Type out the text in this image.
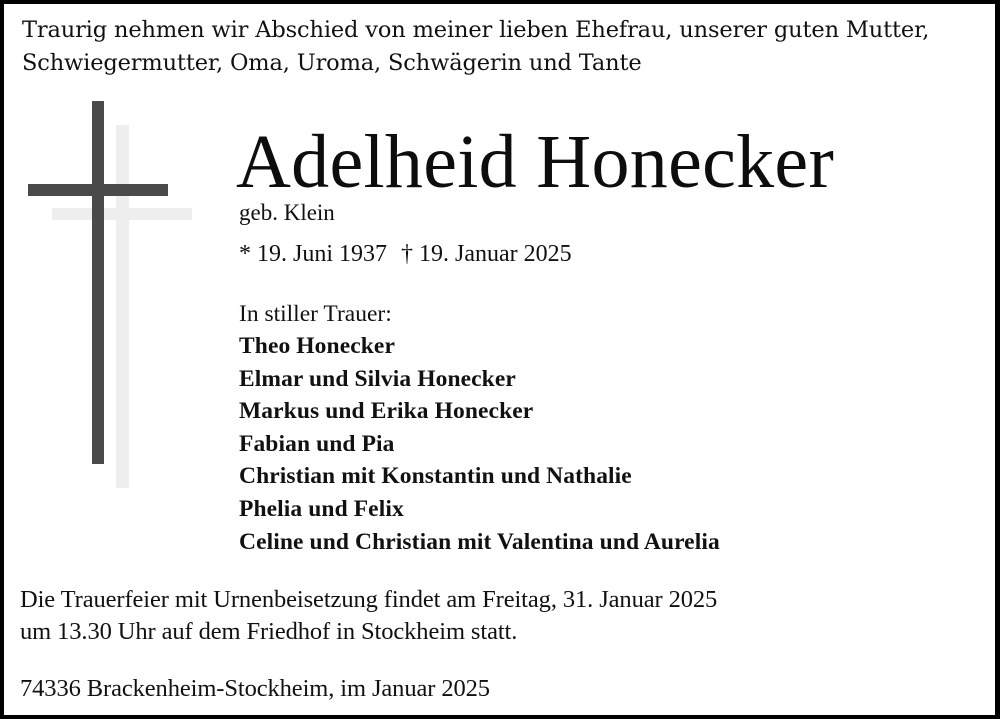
Traurig nehmen wir Abschied von meiner lieben Ehefrau, unserer guten Mutter,
Schwiegermutter, Oma, Uroma, Schwägerin und Tante
Adelheid Honecker
geb. Klein
* 19. Juni 1937 † 19. Januar 2025
In stiller Trauer:
Theo Honecker
Elmar und Silvia Honecker
Markus und Erika Honecker
Fabian und Pia
Christian mit Konstantin und Nathalie
Phelia und Felix
Celine und Christian mit Valentina und Aurelia
Die Trauerfeier mit Urnenbeisetzung findet am Freitag, 31. Januar 2025
um 13.30 Uhr auf dem Friedhof in Stockheim statt.
74336 Brackenheim-Stockheim, im Januar 2025
